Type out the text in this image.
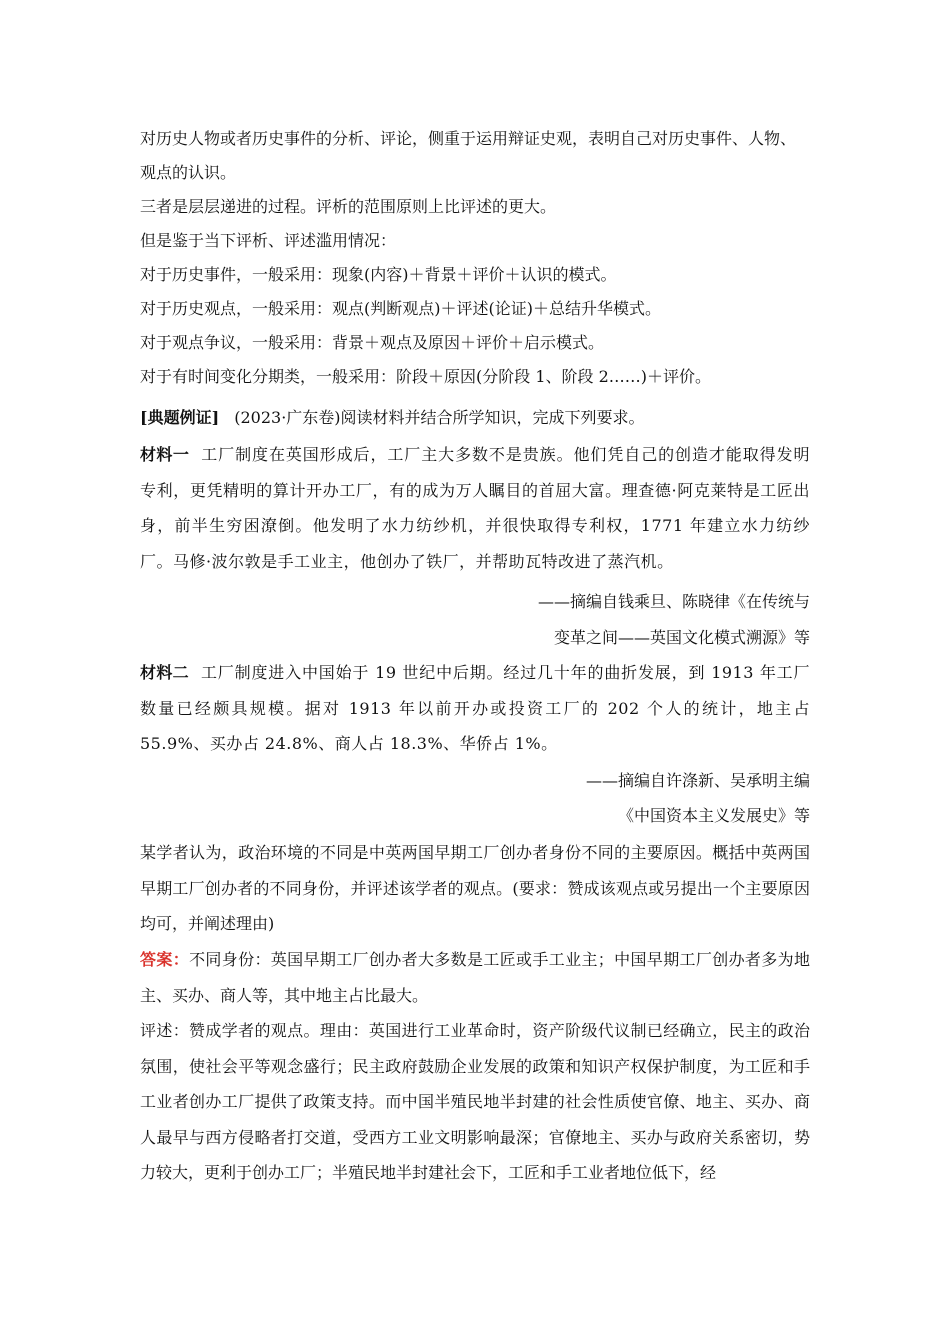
对历史人物或者历史事件的分析、评论，侧重于运用辩证史观，表明自己对历史事件、人物、

观点的认识。

三者是层层递进的过程。评析的范围原则上比评述的更大。

但是鉴于当下评析、评述滥用情况：

对于历史事件，一般采用：现象(内容)＋背景＋评价＋认识的模式。

对于历史观点，一般采用：观点(判断观点)＋评述(论证)＋总结升华模式。

对于观点争议，一般采用：背景＋观点及原因＋评价＋启示模式。

对于有时间变化分期类，一般采用：阶段＋原因(分阶段 1、阶段 2……)＋评价。

[典题例证] (2023·广东卷)阅读材料并结合所学知识，完成下列要求。
材料一 工厂制度在英国形成后，工厂主大多数不是贵族。他们凭自己的创造才能取得发明专利，更凭精明的算计开办工厂，有的成为万人瞩目的首屈大富。理查德·阿克莱特是工匠出身，前半生穷困潦倒。他发明了水力纺纱机，并很快取得专利权，1771 年建立水力纺纱厂。马修·波尔敦是手工业主，他创办了铁厂，并帮助瓦特改进了蒸汽机。
——摘编自钱乘旦、陈晓律《在传统与
变革之间——英国文化模式溯源》等
材料二 工厂制度进入中国始于 19 世纪中后期。经过几十年的曲折发展，到 1913 年工厂数量已经颇具规模。据对 1913 年以前开办或投资工厂的 202 个人的统计，地主占 55.9%、买办占 24.8%、商人占 18.3%、华侨占 1%。
——摘编自许涤新、吴承明主编
《中国资本主义发展史》等
某学者认为，政治环境的不同是中英两国早期工厂创办者身份不同的主要原因。概括中英两国早期工厂创办者的不同身份，并评述该学者的观点。(要求：赞成该观点或另提出一个主要原因均可，并阐述理由)
答案：不同身份：英国早期工厂创办者大多数是工匠或手工业主；中国早期工厂创办者多为地主、买办、商人等，其中地主占比最大。
评述：赞成学者的观点。理由：英国进行工业革命时，资产阶级代议制已经确立，民主的政治氛围，使社会平等观念盛行；民主政府鼓励企业发展的政策和知识产权保护制度，为工匠和手工业者创办工厂提供了政策支持。而中国半殖民地半封建的社会性质使官僚、地主、买办、商人最早与西方侵略者打交道，受西方工业文明影响最深；官僚地主、买办与政府关系密切，势力较大，更利于创办工厂；半殖民地半封建社会下，工匠和手工业者地位低下，经
